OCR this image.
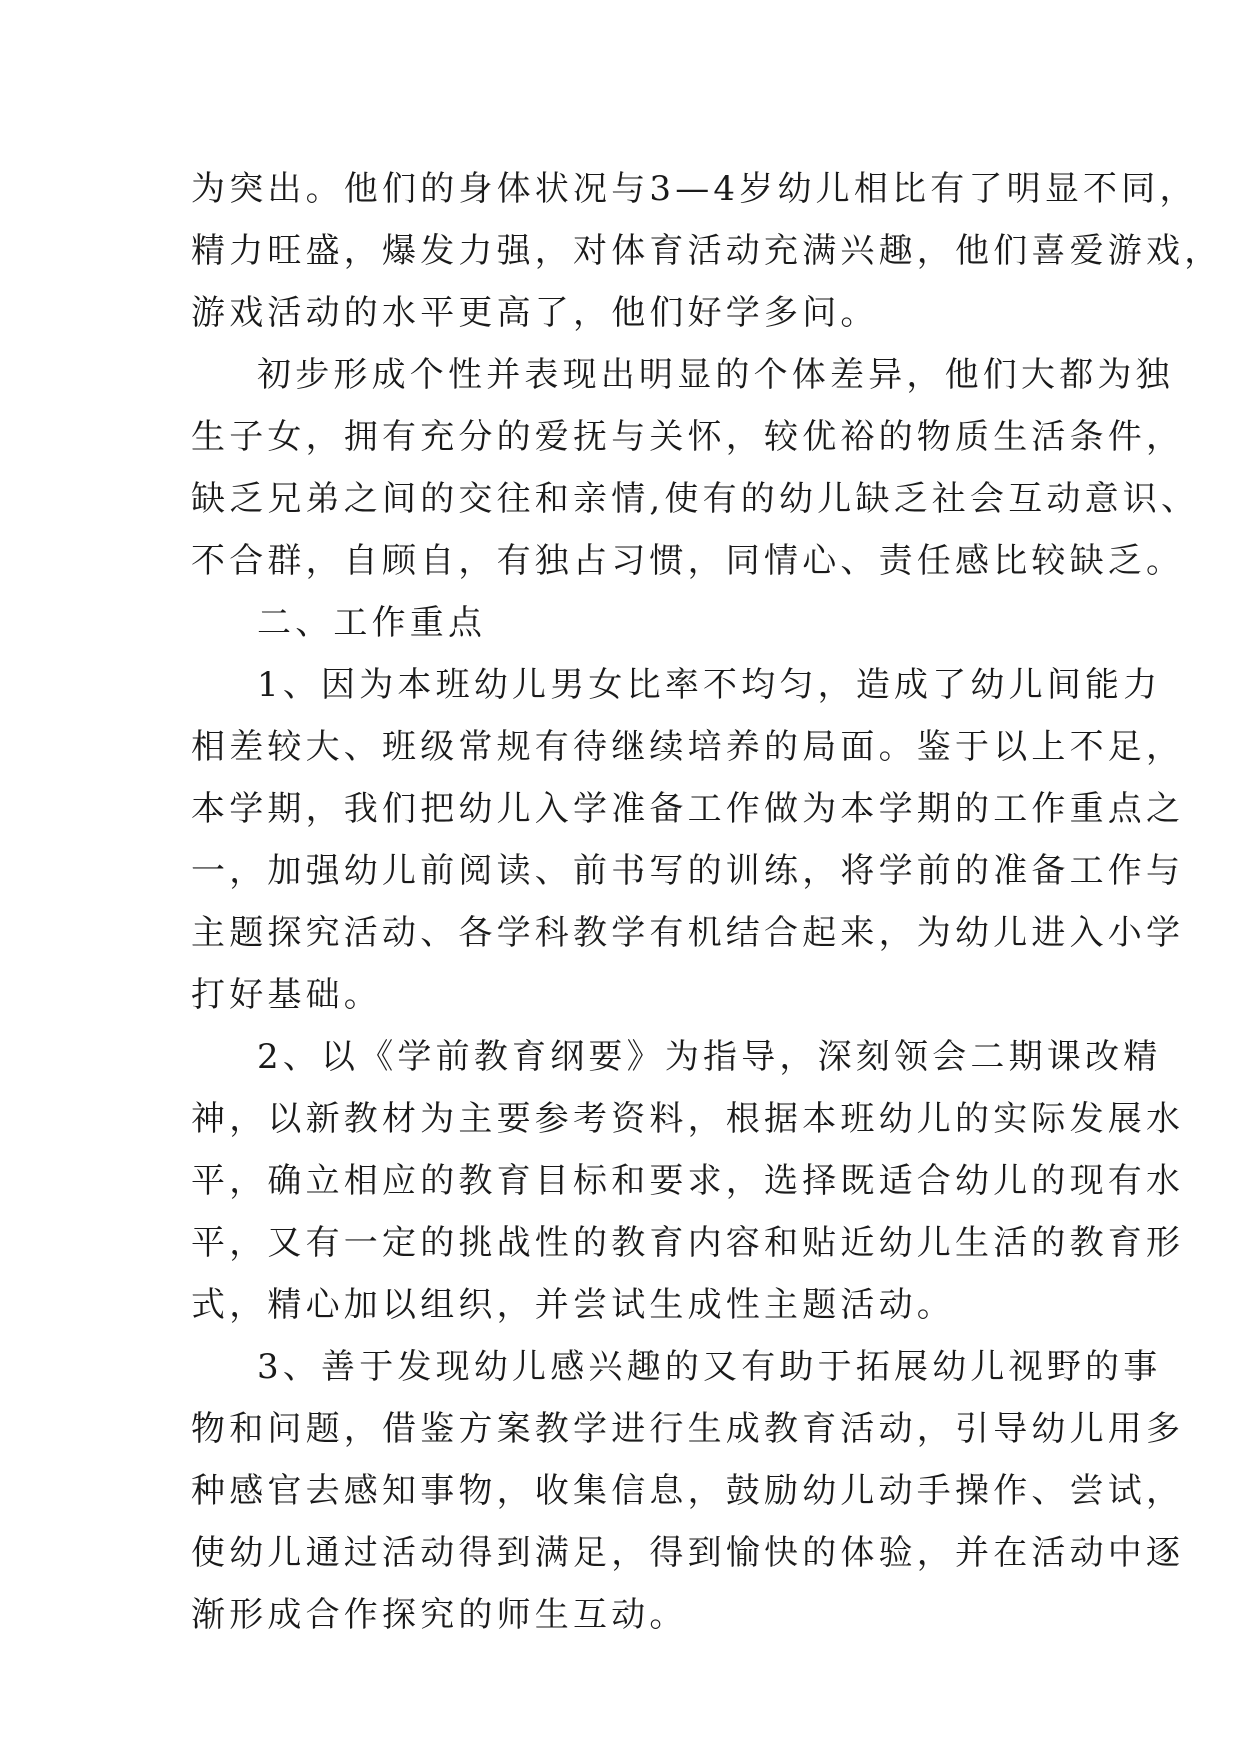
为突出。他们的身体状况与3—4岁幼儿相比有了明显不同，
精力旺盛，爆发力强，对体育活动充满兴趣，他们喜爱游戏，
游戏活动的水平更高了，他们好学多问。
初步形成个性并表现出明显的个体差异，他们大都为独
生子女，拥有充分的爱抚与关怀，较优裕的物质生活条件，
缺乏兄弟之间的交往和亲情,使有的幼儿缺乏社会互动意识、
不合群，自顾自，有独占习惯，同情心、责任感比较缺乏。
二、工作重点
1、因为本班幼儿男女比率不均匀，造成了幼儿间能力
相差较大、班级常规有待继续培养的局面。鉴于以上不足，
本学期，我们把幼儿入学准备工作做为本学期的工作重点之
一，加强幼儿前阅读、前书写的训练，将学前的准备工作与
主题探究活动、各学科教学有机结合起来，为幼儿进入小学
打好基础。
2、以《学前教育纲要》为指导，深刻领会二期课改精
神，以新教材为主要参考资料，根据本班幼儿的实际发展水
平，确立相应的教育目标和要求，选择既适合幼儿的现有水
平，又有一定的挑战性的教育内容和贴近幼儿生活的教育形
式，精心加以组织，并尝试生成性主题活动。
3、善于发现幼儿感兴趣的又有助于拓展幼儿视野的事
物和问题，借鉴方案教学进行生成教育活动，引导幼儿用多
种感官去感知事物，收集信息，鼓励幼儿动手操作、尝试，
使幼儿通过活动得到满足，得到愉快的体验，并在活动中逐
渐形成合作探究的师生互动。
